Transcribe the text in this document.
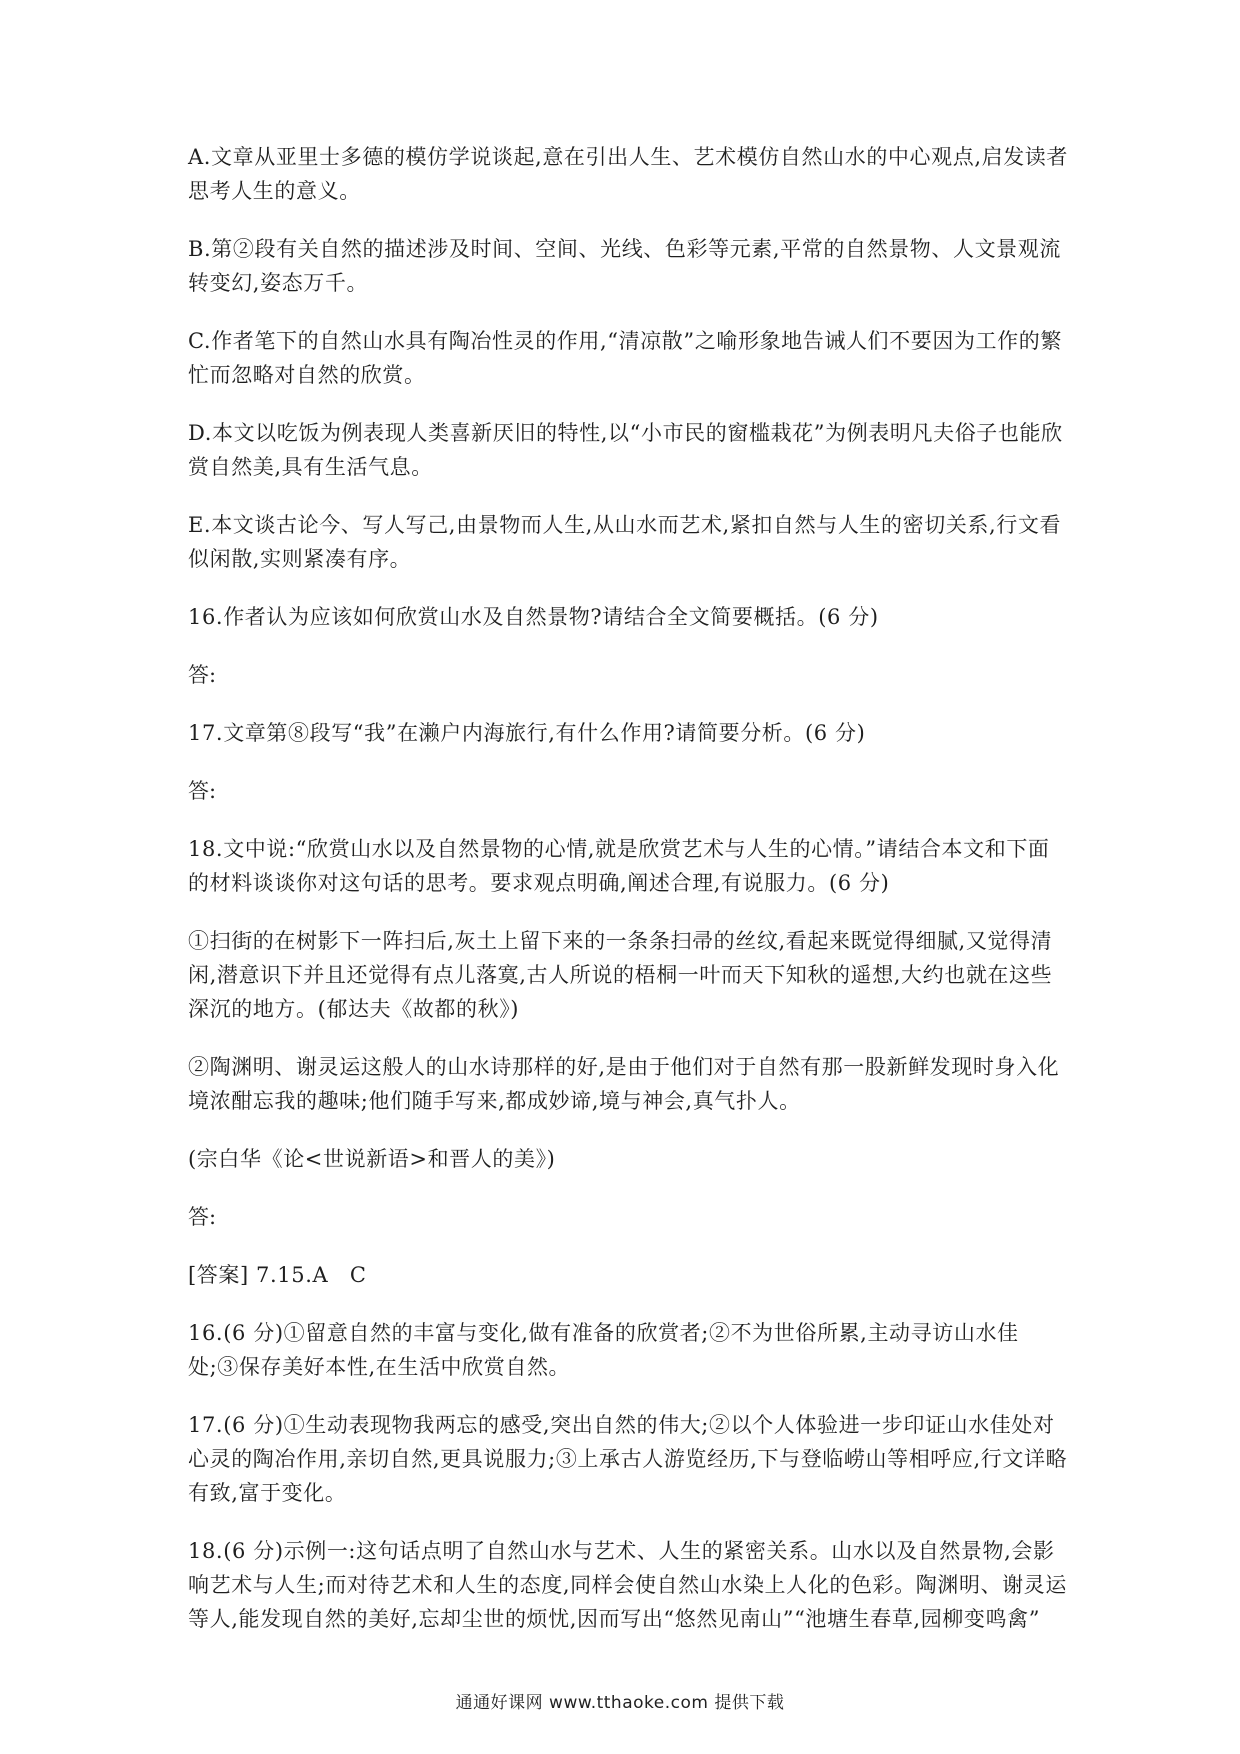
A.文章从亚里士多德的模仿学说谈起,意在引出人生、艺术模仿自然山水的中心观点,启发读者思考人生的意义。

B.第②段有关自然的描述涉及时间、空间、光线、色彩等元素,平常的自然景物、人文景观流转变幻,姿态万千。

C.作者笔下的自然山水具有陶冶性灵的作用,“清凉散”之喻形象地告诫人们不要因为工作的繁忙而忽略对自然的欣赏。

D.本文以吃饭为例表现人类喜新厌旧的特性,以“小市民的窗槛栽花”为例表明凡夫俗子也能欣赏自然美,具有生活气息。

E.本文谈古论今、写人写己,由景物而人生,从山水而艺术,紧扣自然与人生的密切关系,行文看似闲散,实则紧凑有序。

16.作者认为应该如何欣赏山水及自然景物?请结合全文简要概括。(6 分)

答:

17.文章第⑧段写“我”在濑户内海旅行,有什么作用?请简要分析。(6 分)

答:

18.文中说:“欣赏山水以及自然景物的心情,就是欣赏艺术与人生的心情。”请结合本文和下面的材料谈谈你对这句话的思考。要求观点明确,阐述合理,有说服力。(6 分)

①扫街的在树影下一阵扫后,灰土上留下来的一条条扫帚的丝纹,看起来既觉得细腻,又觉得清闲,潜意识下并且还觉得有点儿落寞,古人所说的梧桐一叶而天下知秋的遥想,大约也就在这些深沉的地方。(郁达夫《故都的秋》)

②陶渊明、谢灵运这般人的山水诗那样的好,是由于他们对于自然有那一股新鲜发现时身入化境浓酣忘我的趣味;他们随手写来,都成妙谛,境与神会,真气扑人。

(宗白华《论<世说新语>和晋人的美》)

答:

[答案] 7.15.A　C

16.(6 分)①留意自然的丰富与变化,做有准备的欣赏者;②不为世俗所累,主动寻访山水佳处;③保存美好本性,在生活中欣赏自然。

17.(6 分)①生动表现物我两忘的感受,突出自然的伟大;②以个人体验进一步印证山水佳处对心灵的陶冶作用,亲切自然,更具说服力;③上承古人游览经历,下与登临崂山等相呼应,行文详略有致,富于变化。

18.(6 分)示例一:这句话点明了自然山水与艺术、人生的紧密关系。山水以及自然景物,会影响艺术与人生;而对待艺术和人生的态度,同样会使自然山水染上人化的色彩。陶渊明、谢灵运等人,能发现自然的美好,忘却尘世的烦忧,因而写出“悠然见南山”“池塘生春草,园柳变鸣禽”

通通好课网 www.tthaoke.com 提供下载
